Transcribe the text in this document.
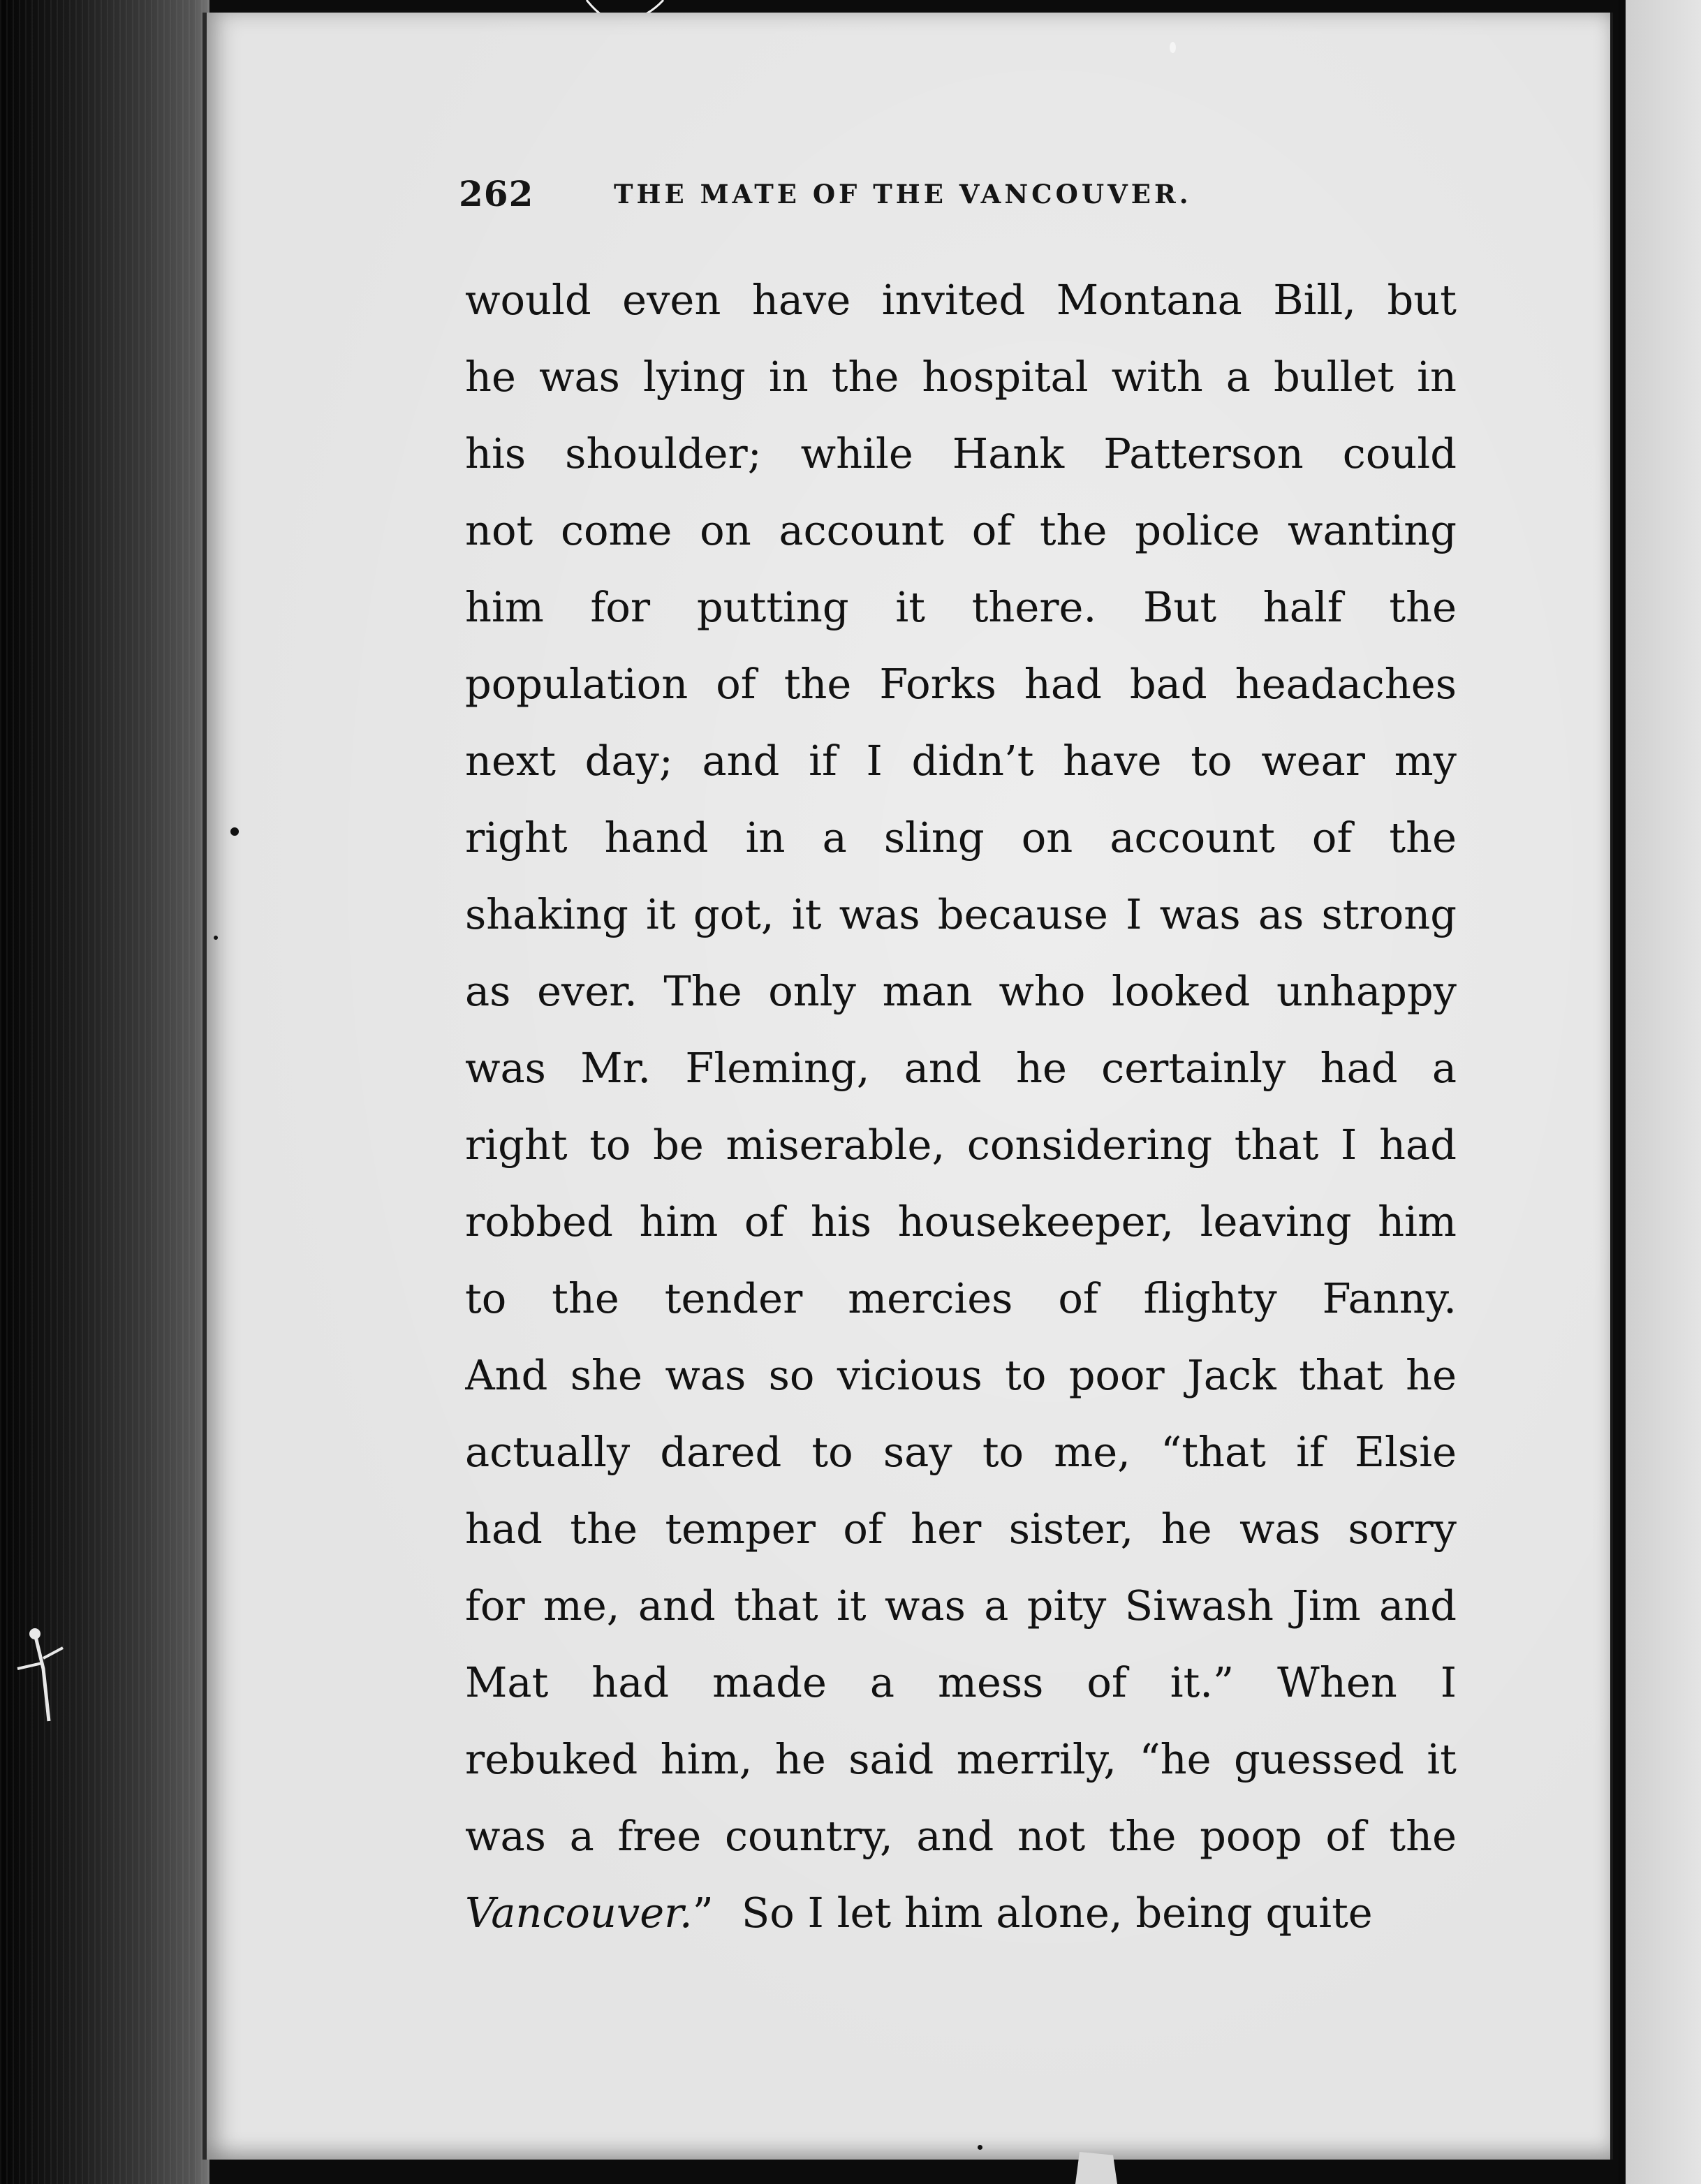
262	THE MATE OF THE VANCOUVER.
would even have invited Montana Bill, but
he was lying in the hospital with a bullet in
his shoulder; while Hank Patterson could
not come on account of the police wanting
him for putting it there. But half the
population of the Forks had bad headaches
next day; and if I didn’t have to wear my
right hand in a sling on account of the
shaking it got, it was because I was as strong
as ever. The only man who looked unhappy
was Mr. Fleming, and he certainly had a
right to be miserable, considering that I had
robbed him of his housekeeper, leaving him
to the tender mercies of flighty Fanny.
And she was so vicious to poor Jack that he
actually dared to say to me, “that if Elsie
had the temper of her sister, he was sorry
for me, and that it was a pity Siwash Jim and
Mat had made a mess of it.” When I
rebuked him, he said merrily, “he guessed it
was a free country, and not the poop of the
Vancouver.” So I let him alone, being quite
